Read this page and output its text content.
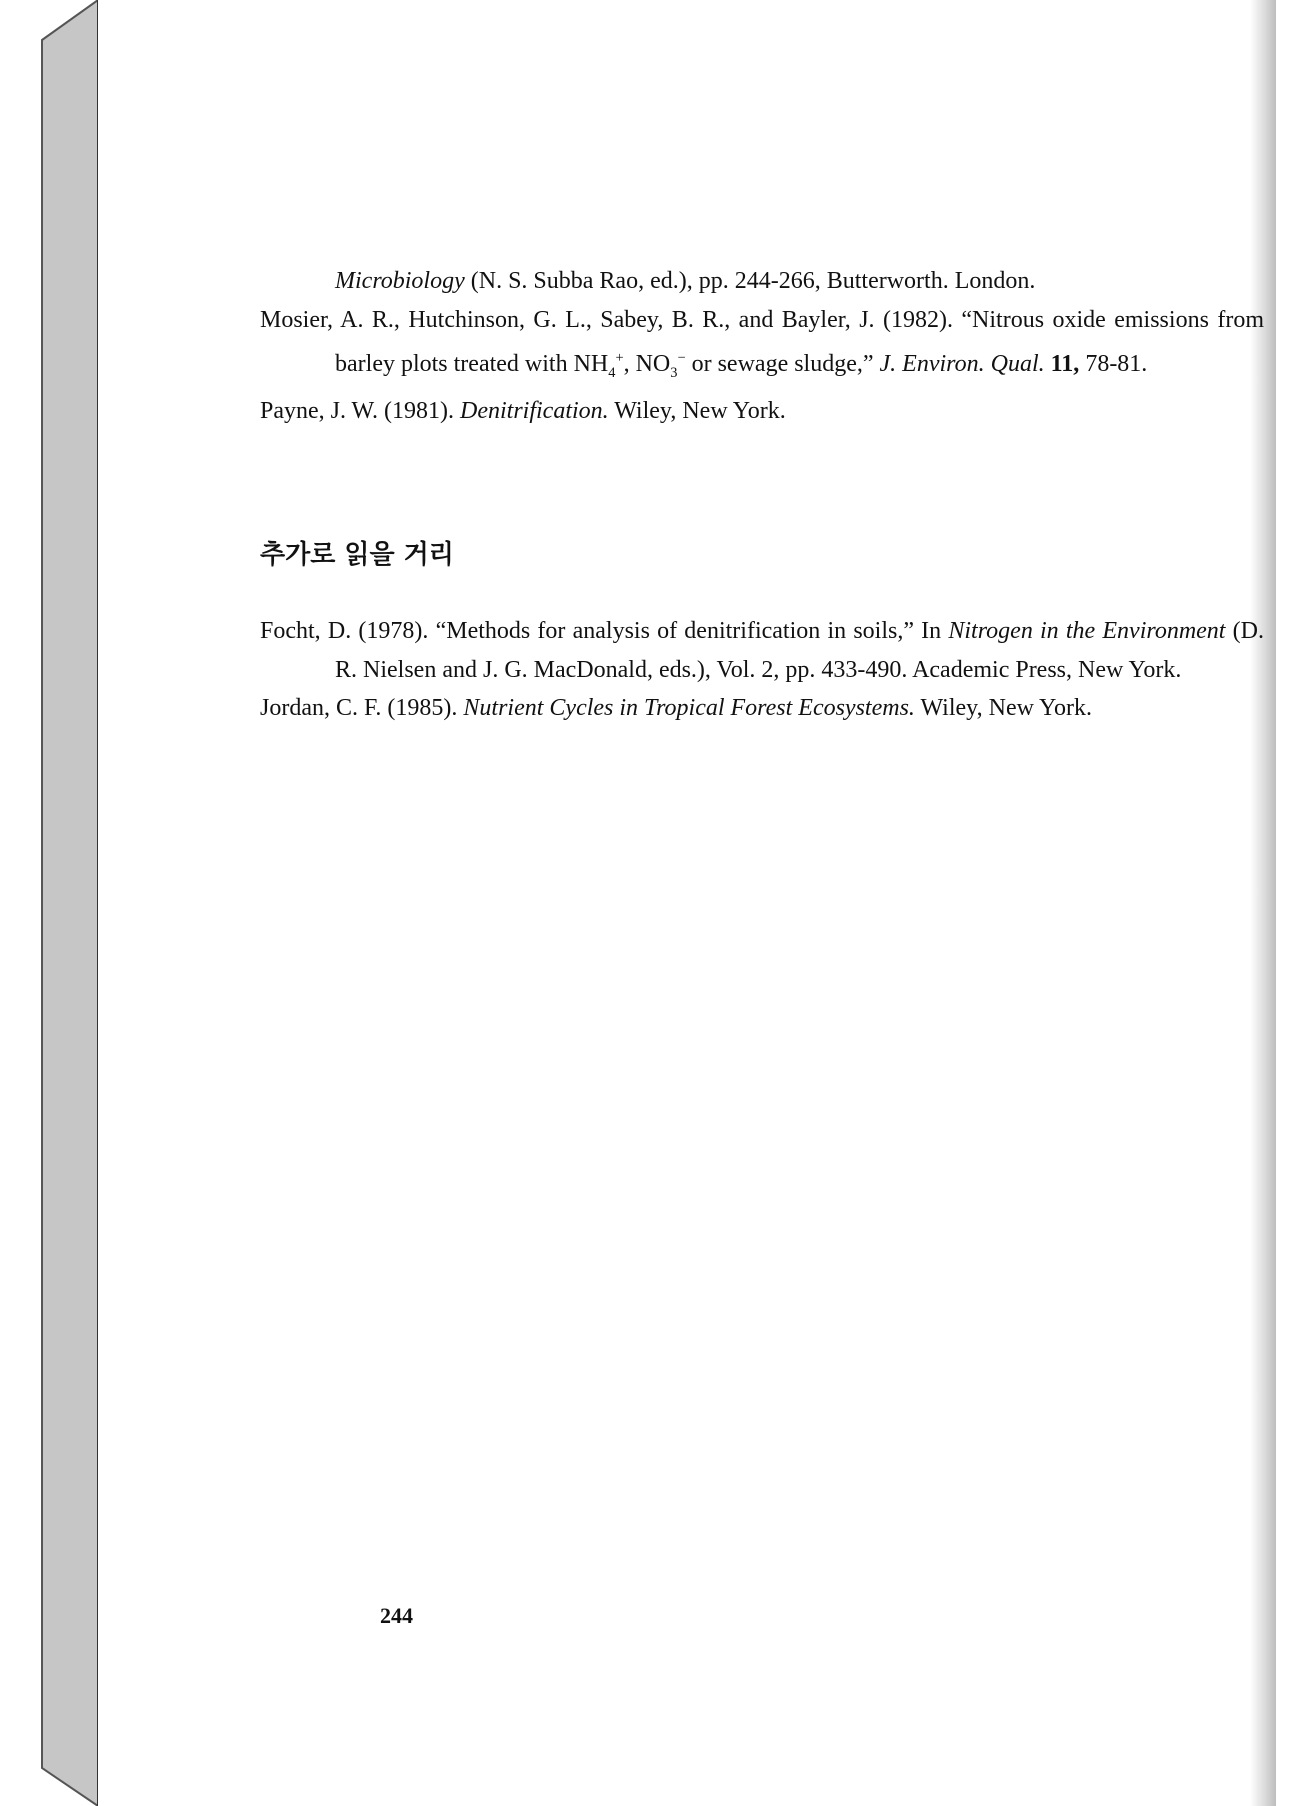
Microbiology (N. S. Subba Rao, ed.), pp. 244-266, Butterworth. London.

Mosier, A. R., Hutchinson, G. L., Sabey, B. R., and Bayler, J. (1982). “Nitrous oxide emissions from barley plots treated with $NH_4^+$, $NO_3^-$ or sewage sludge,” J. Environ. Qual. 11, 78-81.

Payne, J. W. (1981). Denitrification. Wiley, New York.

추가로 읽을 거리

Focht, D. (1978). “Methods for analysis of denitrification in soils,” In Nitrogen in the Environment (D. R. Nielsen and J. G. MacDonald, eds.), Vol. 2, pp. 433-490. Academic Press, New York.

Jordan, C. F. (1985). Nutrient Cycles in Tropical Forest Ecosystems. Wiley, New York.

244
